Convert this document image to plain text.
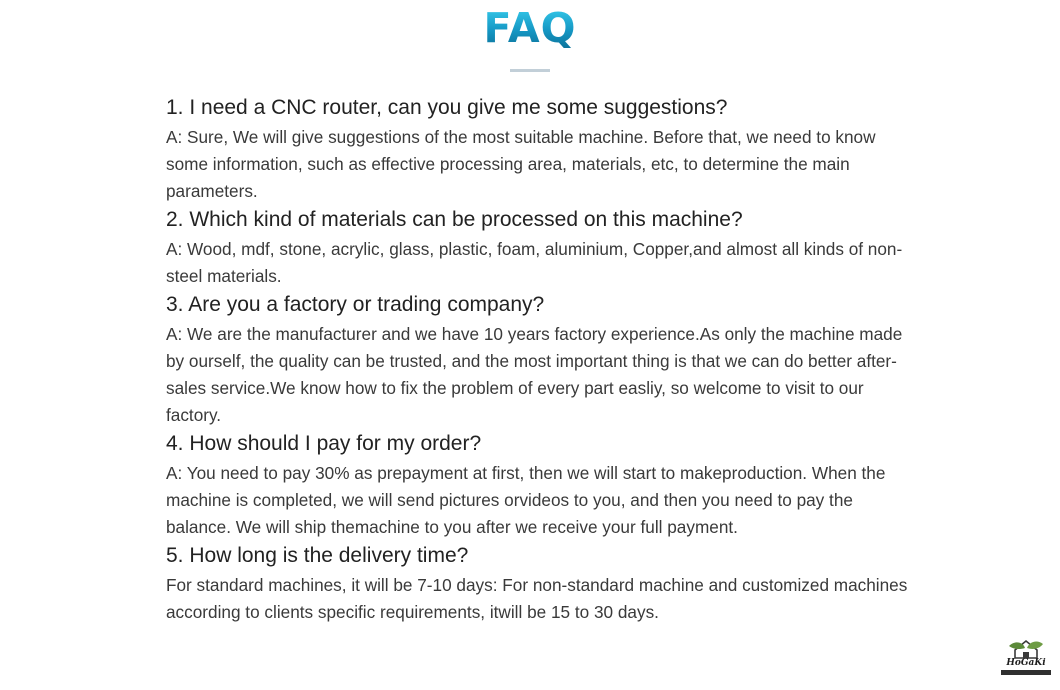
FAQ

1. I need a CNC router, can you give me some suggestions?

A: Sure, We will give suggestions of the most suitable machine. Before that, we need to know some information, such as effective processing area, materials, etc, to determine the main parameters.

2. Which kind of materials can be processed on this machine?

A: Wood, mdf, stone, acrylic, glass, plastic, foam, aluminium, Copper,and almost all kinds of non-steel materials.

3. Are you a factory or trading company?

A: We are the manufacturer and we have 10 years factory experience.As only the machine made by ourself, the quality can be trusted, and the most important thing is that we can do better after-sales service.We know how to fix the problem of every part easliy, so welcome to visit to our factory.

4. How should I pay for my order?

A: You need to pay 30% as prepayment at first, then we will start to makeproduction. When the machine is completed, we will send pictures orvideos to you, and then you need to pay the balance. We will ship themachine to you after we receive your full payment.

5. How long is the delivery time?

For standard machines, it will be 7-10 days: For non-standard machine and customized machines according to clients specific requirements, itwill be 15 to 30 days.

HoGaKi
